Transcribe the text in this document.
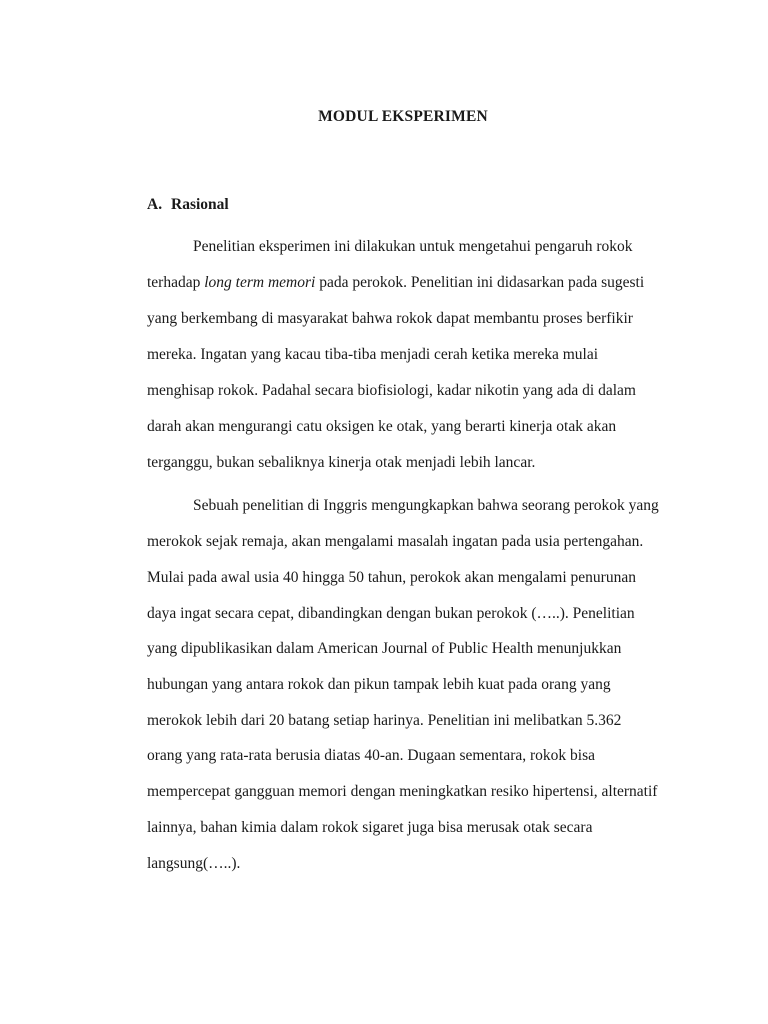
MODUL EKSPERIMEN
A. Rasional

Penelitian eksperimen ini dilakukan untuk mengetahui pengaruh rokok

terhadap long term memori pada perokok. Penelitian ini didasarkan pada sugesti

yang berkembang di masyarakat bahwa rokok dapat membantu proses berfikir

mereka. Ingatan yang kacau tiba-tiba menjadi cerah ketika mereka mulai

menghisap rokok. Padahal secara biofisiologi, kadar nikotin yang ada di dalam

darah akan mengurangi catu oksigen ke otak, yang berarti kinerja otak akan

terganggu, bukan sebaliknya kinerja otak menjadi lebih lancar.

Sebuah penelitian di Inggris mengungkapkan bahwa seorang perokok yang

merokok sejak remaja, akan mengalami masalah ingatan pada usia pertengahan.

Mulai pada awal usia 40 hingga 50 tahun, perokok akan mengalami penurunan

daya ingat secara cepat, dibandingkan dengan bukan perokok (…..). Penelitian

yang dipublikasikan dalam American Journal of Public Health menunjukkan

hubungan yang antara rokok dan pikun tampak lebih kuat pada orang yang

merokok lebih dari 20 batang setiap harinya. Penelitian ini melibatkan 5.362

orang yang rata-rata berusia diatas 40-an. Dugaan sementara, rokok bisa

mempercepat gangguan memori dengan meningkatkan resiko hipertensi, alternatif

lainnya, bahan kimia dalam rokok sigaret juga bisa merusak otak secara

langsung(…..).
